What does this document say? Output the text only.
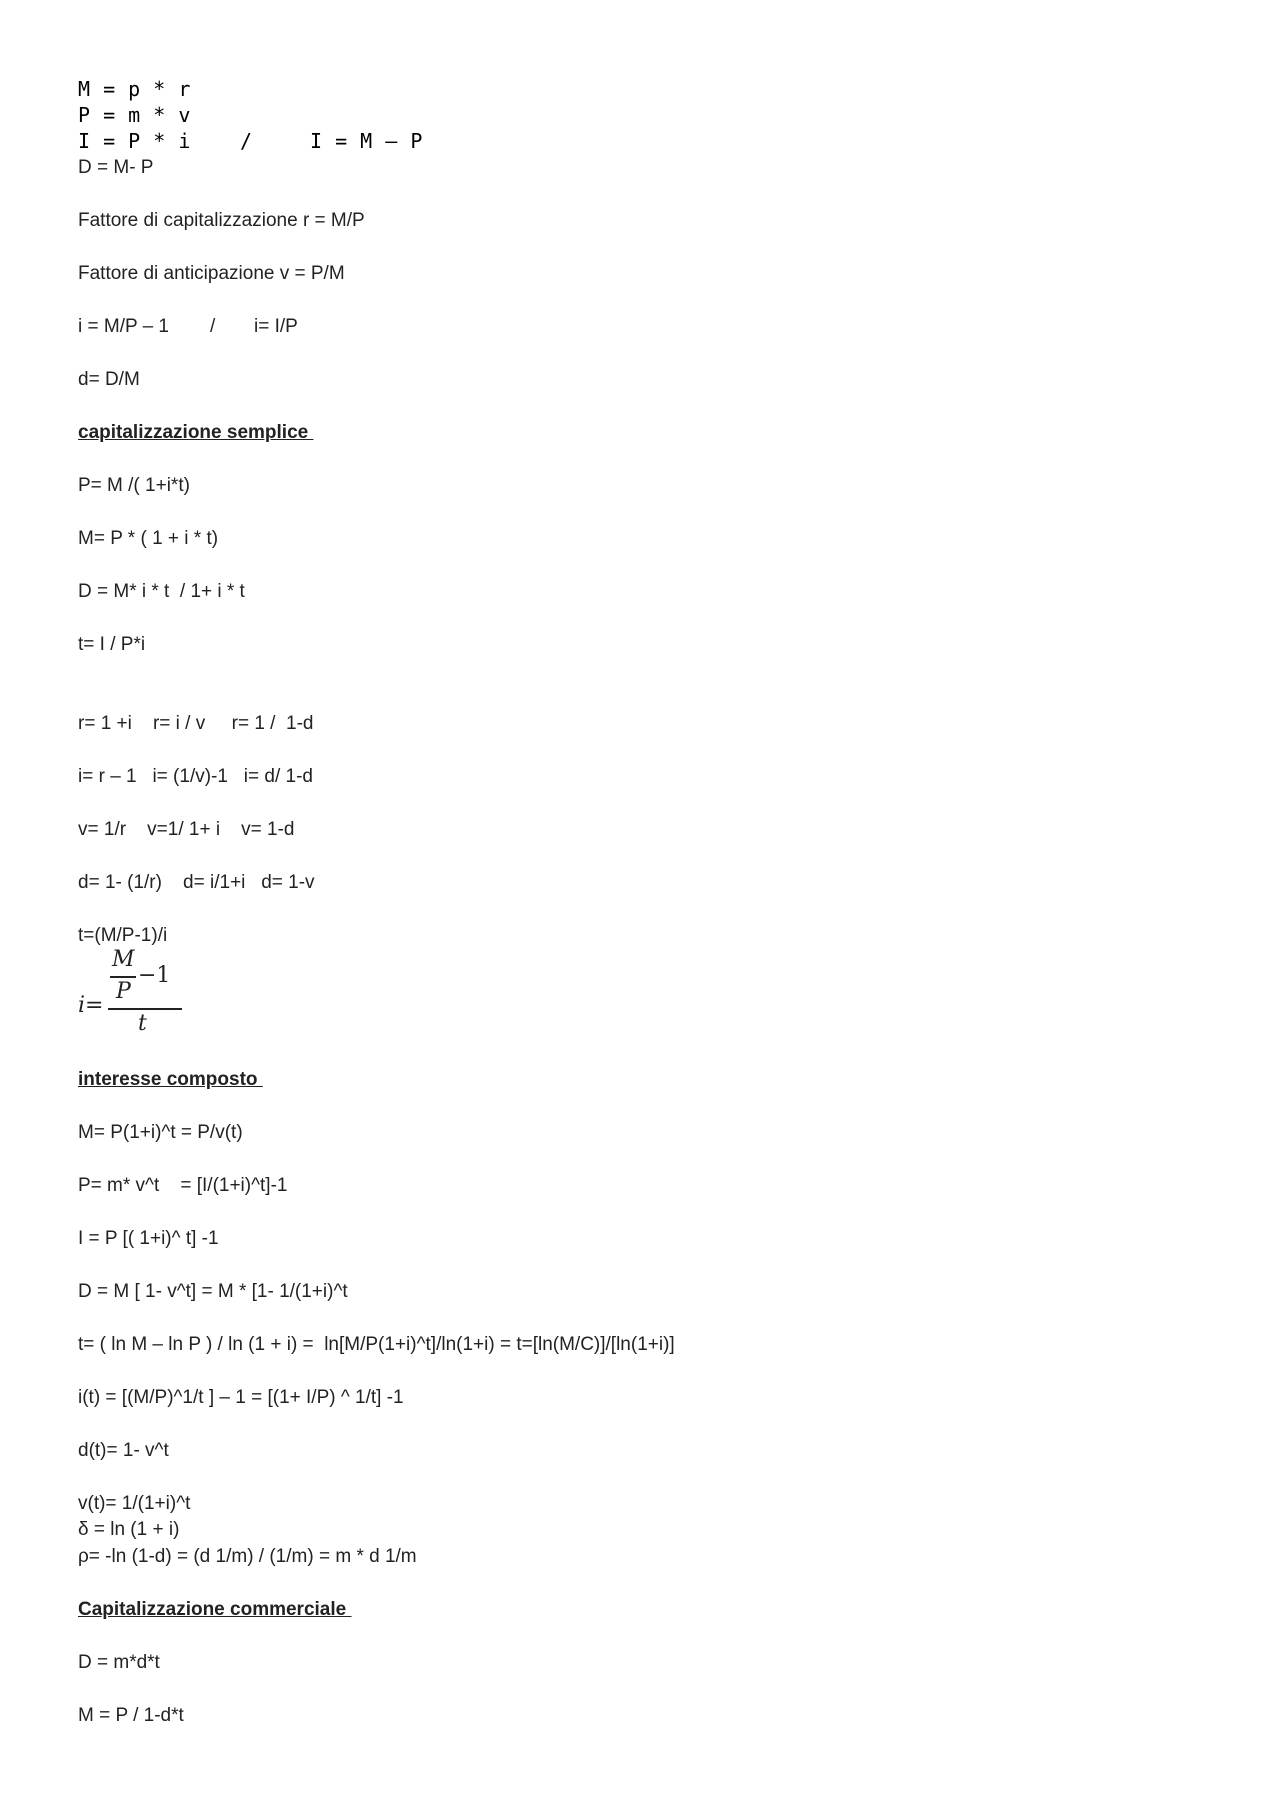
M = p * r

P = m * v

I = P * i /	I = M – P

D = M- P

Fattore di capitalizzazione r = M/P

Fattore di anticipazione v = P/M

i = M/P – 1 / i= I/P

d= D/M

capitalizzazione semplice

P= M /( 1+i*t)

M= P * ( 1 + i * t)

D = M* i * t  / 1+ i * t

t= I / P*i

r= 1 +i    r= i / v     r= 1 /  1-d

i= r – 1   i= (1/v)-1   i= d/ 1-d

v= 1/r    v=1/ 1+ i    v= 1-d

d= 1- (1/r)    d= i/1+i   d= 1-v

t=(M/P-1)/i

i=
M
P
−1
t

interesse composto

M= P(1+i)^t = P/v(t)

P= m* v^t    = [I/(1+i)^t]-1

I = P [( 1+i)^ t] -1

D = M [ 1- v^t] = M * [1- 1/(1+i)^t

t= ( ln M – ln P ) / ln (1 + i) =  ln[M/P(1+i)^t]/ln(1+i) = t=[ln(M/C)]/[ln(1+i)]

i(t) = [(M/P)^1/t ] – 1 = [(1+ I/P) ^ 1/t] -1

d(t)= 1- v^t

v(t)= 1/(1+i)^t

δ = ln (1 + i)

ρ= -ln (1-d) = (d 1/m) / (1/m) = m * d 1/m

Capitalizzazione commerciale

D = m*d*t

M = P / 1-d*t
